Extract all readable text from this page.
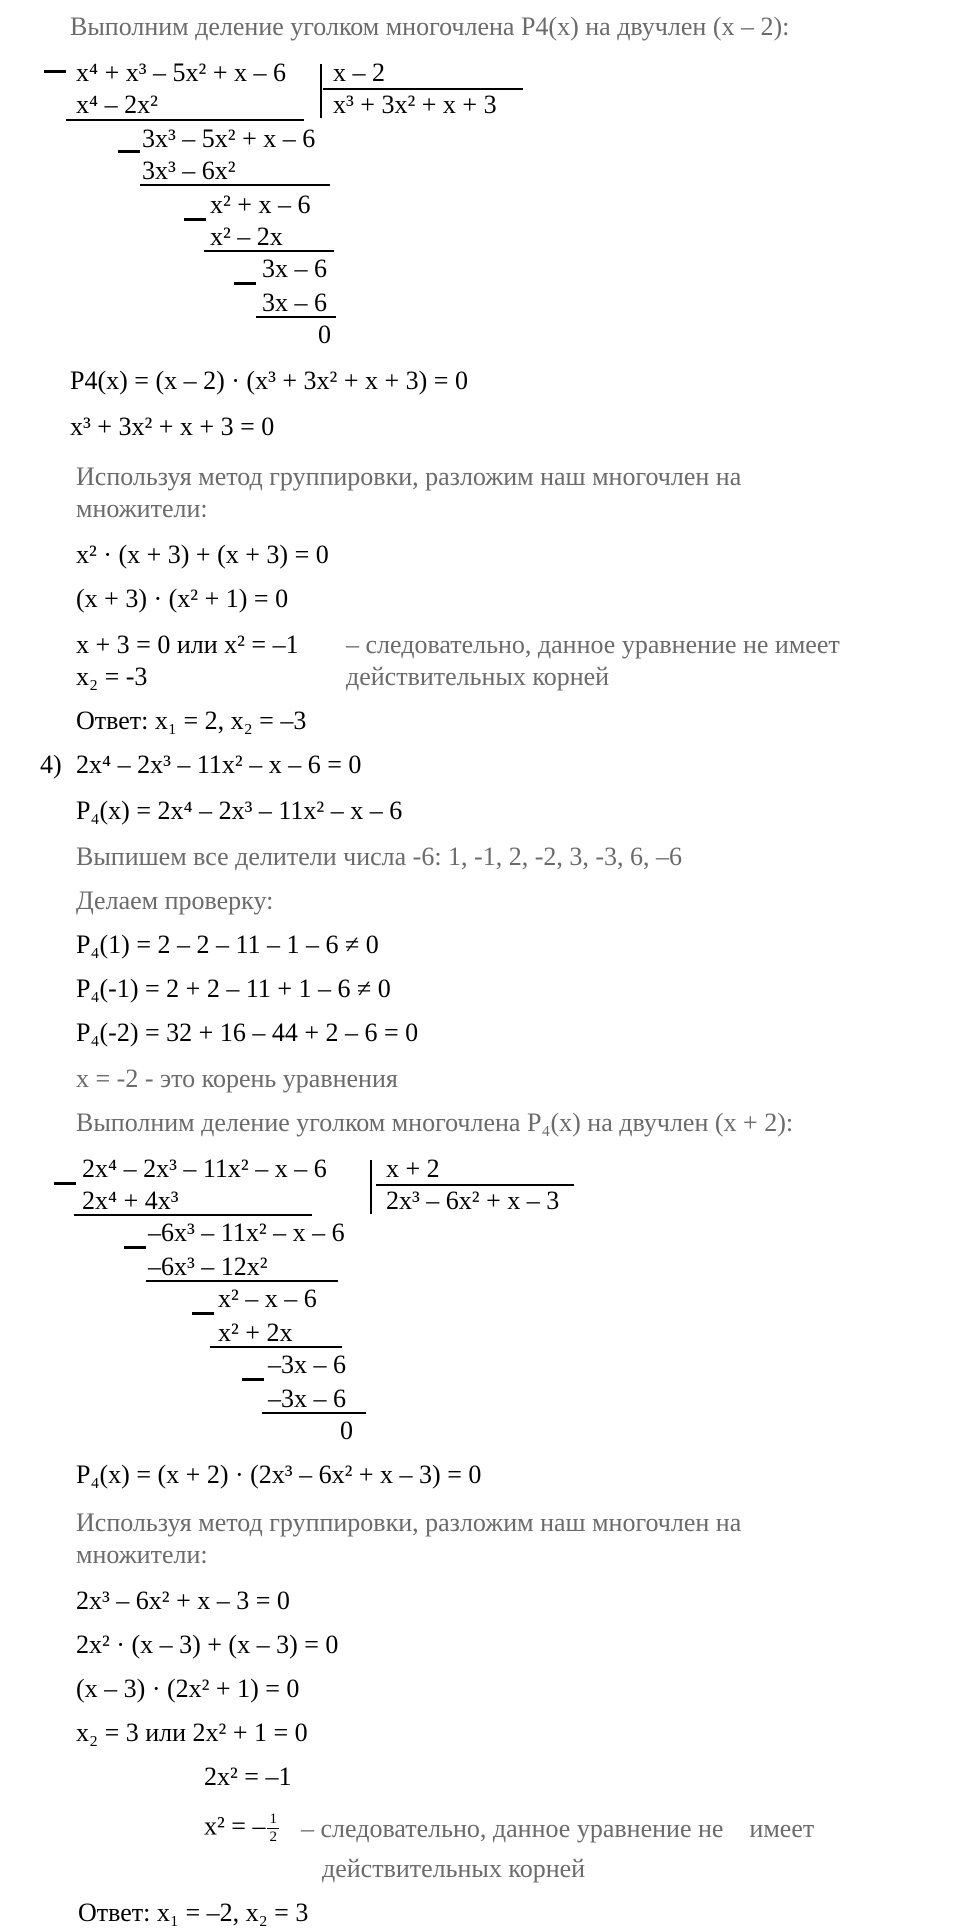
Выполним деление уголком многочлена P4(x) на двучлен (x – 2):
x⁴ + x³ – 5x² + x – 6 x – 2
x³ + 3x² + x + 3
x⁴ – 2x²
3x³ – 5x² + x – 6
3x³ – 6x²
x² + x – 6
x² – 2x
3x – 6
3x – 6
0
P4(x) = (x – 2) · (x³ + 3x² + x + 3) = 0
x³ + 3x² + x + 3 = 0
Используя метод группировки, разложим наш многочлен на
множители:
x² · (x + 3) + (x + 3) = 0
(x + 3) · (x² + 1) = 0
x + 3 = 0 или x² = –1 – следовательно, данное уравнение не имеет
x₂ = -3	действительных корней
Ответ: x₁ = 2, x₂ = –3
4) 2x⁴ – 2x³ – 11x² – x – 6 = 0
P₄(x) = 2x⁴ – 2x³ – 11x² – x – 6
Выпишем все делители числа -6: 1, -1, 2, -2, 3, -3, 6, –6
Делаем проверку:
P₄(1) = 2 – 2 – 11 – 1 – 6 ≠ 0
P₄(-1) = 2 + 2 – 11 + 1 – 6 ≠ 0
P₄(-2) = 32 + 16 – 44 + 2 – 6 = 0
x = -2 - это корень уравнения
Выполним деление уголком многочлена P₄(x) на двучлен (x + 2):
2x⁴ – 2x³ – 11x² – x – 6 x + 2
2x³ – 6x² + x – 3
2x⁴ + 4x³
–6x³ – 11x² – x – 6
–6x³ – 12x²
x² – x – 6
x² + 2x
–3x – 6
–3x – 6
0
P₄(x) = (x + 2) · (2x³ – 6x² + x – 3) = 0
Используя метод группировки, разложим наш многочлен на
множители:
2x³ – 6x² + x – 3 = 0
2x² · (x – 3) + (x – 3) = 0
(x – 3) · (2x² + 1) = 0
x₂ = 3 или 2x² + 1 = 0
2x² = –1
x² = – $\frac{1}{2}$ – следовательно, данное уравнение не    имеет
действительных корней
Ответ: x₁ = –2, x₂ = 3
